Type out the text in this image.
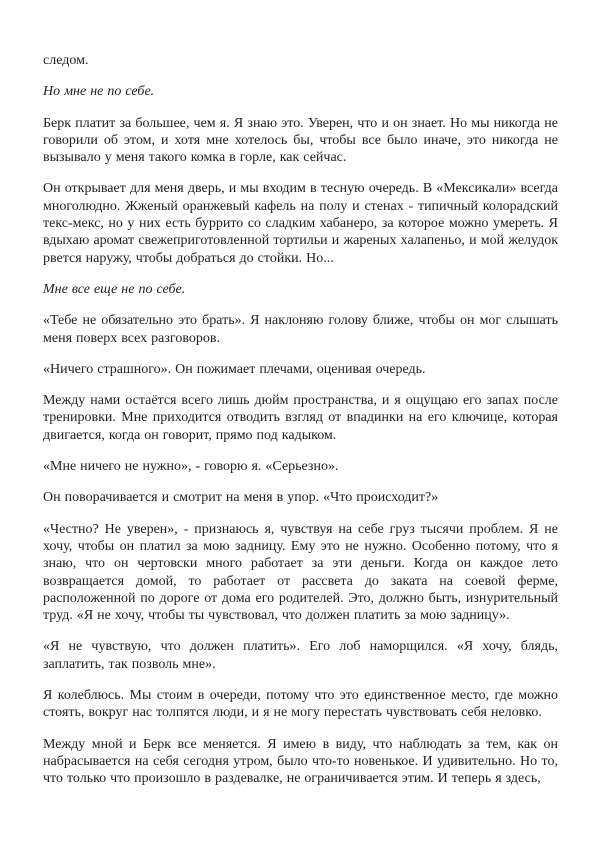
следом.

Но мне не по себе.

Берк платит за большее, чем я. Я знаю это. Уверен, что и он знает. Но мы никогда не говорили об этом, и хотя мне хотелось бы, чтобы все было иначе, это никогда не вызывало у меня такого комка в горле, как сейчас.

Он открывает для меня дверь, и мы входим в тесную очередь. В «Мексикали» всегда многолюдно. Жженый оранжевый кафель на полу и стенах - типичный колорадский текс-мекс, но у них есть буррито со сладким хабанеро, за которое можно умереть. Я вдыхаю аромат свежеприготовленной тортильи и жареных халапеньо, и мой желудок рвется наружу, чтобы добраться до стойки. Но...

Мне все еще не по себе.

«Тебе не обязательно это брать». Я наклоняю голову ближе, чтобы он мог слышать меня поверх всех разговоров.

«Ничего страшного». Он пожимает плечами, оценивая очередь.

Между нами остаётся всего лишь дюйм пространства, и я ощущаю его запах после тренировки. Мне приходится отводить взгляд от впадинки на его ключице, которая двигается, когда он говорит, прямо под кадыком.

«Мне ничего не нужно», - говорю я. «Серьезно».

Он поворачивается и смотрит на меня в упор. «Что происходит?»

«Честно? Не уверен», - признаюсь я, чувствуя на себе груз тысячи проблем. Я не хочу, чтобы он платил за мою задницу. Ему это не нужно. Особенно потому, что я знаю, что он чертовски много работает за эти деньги. Когда он каждое лето возвращается домой, то работает от рассвета до заката на соевой ферме, расположенной по дороге от дома его родителей. Это, должно быть, изнурительный труд. «Я не хочу, чтобы ты чувствовал, что должен платить за мою задницу».

«Я не чувствую, что должен платить». Его лоб наморщился. «Я хочу, блядь, заплатить, так позволь мне».

Я колеблюсь. Мы стоим в очереди, потому что это единственное место, где можно стоять, вокруг нас толпятся люди, и я не могу перестать чувствовать себя неловко.

Между мной и Берк все меняется. Я имею в виду, что наблюдать за тем, как он набрасывается на себя сегодня утром, было что-то новенькое. И удивительно. Но то, что только что произошло в раздевалке, не ограничивается этим. И теперь я здесь,
